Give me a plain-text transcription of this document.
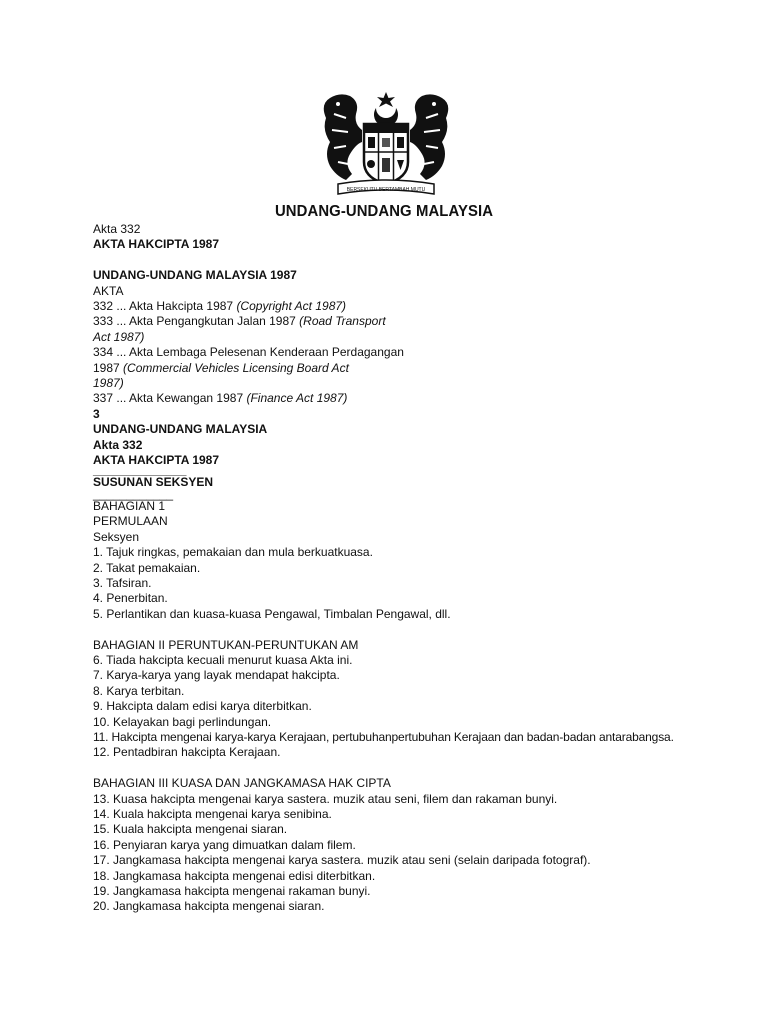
BERSEKUTU BERTAMBAH MUTU
UNDANG-UNDANG MALAYSIA
Akta 332
AKTA HAKCIPTA 1987
UNDANG-UNDANG MALAYSIA 1987
AKTA
332 ... Akta Hakcipta 1987 (Copyright Act 1987)
333 ... Akta Pengangkutan Jalan 1987 (Road Transport
Act 1987)
334 ... Akta Lembaga Pelesenan Kenderaan Perdagangan
1987 (Commercial Vehicles Licensing Board Act
1987)
337 ... Akta Kewangan 1987 (Finance Act 1987)
3
UNDANG-UNDANG MALAYSIA
Akta 332
AKTA HAKCIPTA 1987
______________
SUSUNAN SEKSYEN
____________
BAHAGIAN 1
PERMULAAN
Seksyen
1. Tajuk ringkas, pemakaian dan mula berkuatkuasa.
2. Takat pemakaian.
3. Tafsiran.
4. Penerbitan.
5. Perlantikan dan kuasa-kuasa Pengawal, Timbalan Pengawal, dll.
BAHAGIAN II PERUNTUKAN-PERUNTUKAN AM
6. Tiada hakcipta kecuali menurut kuasa Akta ini.
7. Karya-karya yang layak mendapat hakcipta.
8. Karya terbitan.
9. Hakcipta dalam edisi karya diterbitkan.
10. Kelayakan bagi perlindungan.
11. Hakcipta mengenai karya-karya Kerajaan, pertubuhanpertubuhan Kerajaan dan badan-badan antarabangsa.
12. Pentadbiran hakcipta Kerajaan.
BAHAGIAN III KUASA DAN JANGKAMASA HAK CIPTA
13. Kuasa hakcipta mengenai karya sastera. muzik atau seni, filem dan rakaman bunyi.
14. Kuala hakcipta mengenai karya senibina.
15. Kuala hakcipta mengenai siaran.
16. Penyiaran karya yang dimuatkan dalam filem.
17. Jangkamasa hakcipta mengenai karya sastera. muzik atau seni (selain daripada fotograf).
18. Jangkamasa hakcipta mengenai edisi diterbitkan.
19. Jangkamasa hakcipta mengenai rakaman bunyi.
20. Jangkamasa hakcipta mengenai siaran.
